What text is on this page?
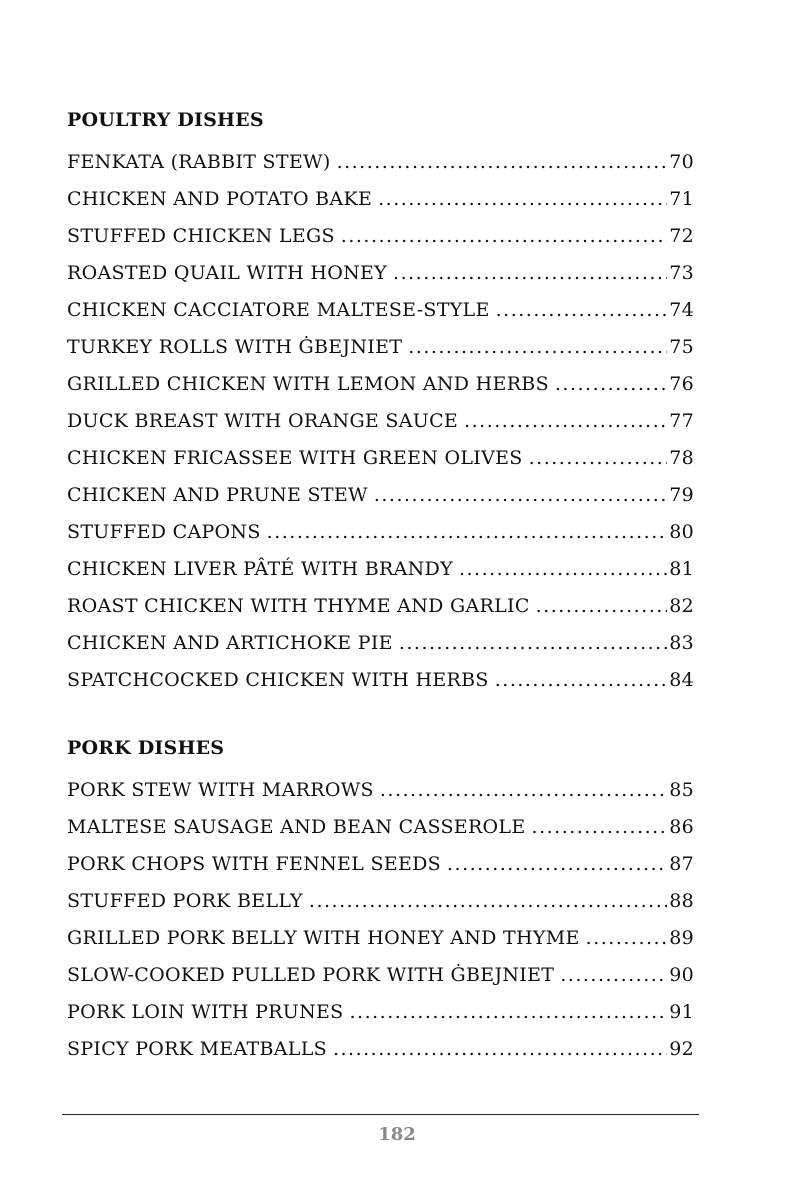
POULTRY DISHES
FENKATA (RABBIT STEW) .....	70
CHICKEN AND POTATO BAKE .....	71
STUFFED CHICKEN LEGS .....	72
ROASTED QUAIL WITH HONEY .....	73
CHICKEN CACCIATORE MALTESE-STYLE .....	74
TURKEY ROLLS WITH ĠBEJNIET .....	75
GRILLED CHICKEN WITH LEMON AND HERBS .....	76
DUCK BREAST WITH ORANGE SAUCE .....	77
CHICKEN FRICASSEE WITH GREEN OLIVES .....	78
CHICKEN AND PRUNE STEW .....	79
STUFFED CAPONS .....	80
CHICKEN LIVER PÂTÉ WITH BRANDY .....	81
ROAST CHICKEN WITH THYME AND GARLIC .....	82
CHICKEN AND ARTICHOKE PIE .....	83
SPATCHCOCKED CHICKEN WITH HERBS .....	84
PORK DISHES
PORK STEW WITH MARROWS .....	85
MALTESE SAUSAGE AND BEAN CASSEROLE .....	86
PORK CHOPS WITH FENNEL SEEDS .....	87
STUFFED PORK BELLY .....	88
GRILLED PORK BELLY WITH HONEY AND THYME .....	89
SLOW-COOKED PULLED PORK WITH ĠBEJNIET .....	90
PORK LOIN WITH PRUNES .....	91
SPICY PORK MEATBALLS .....	92
182
